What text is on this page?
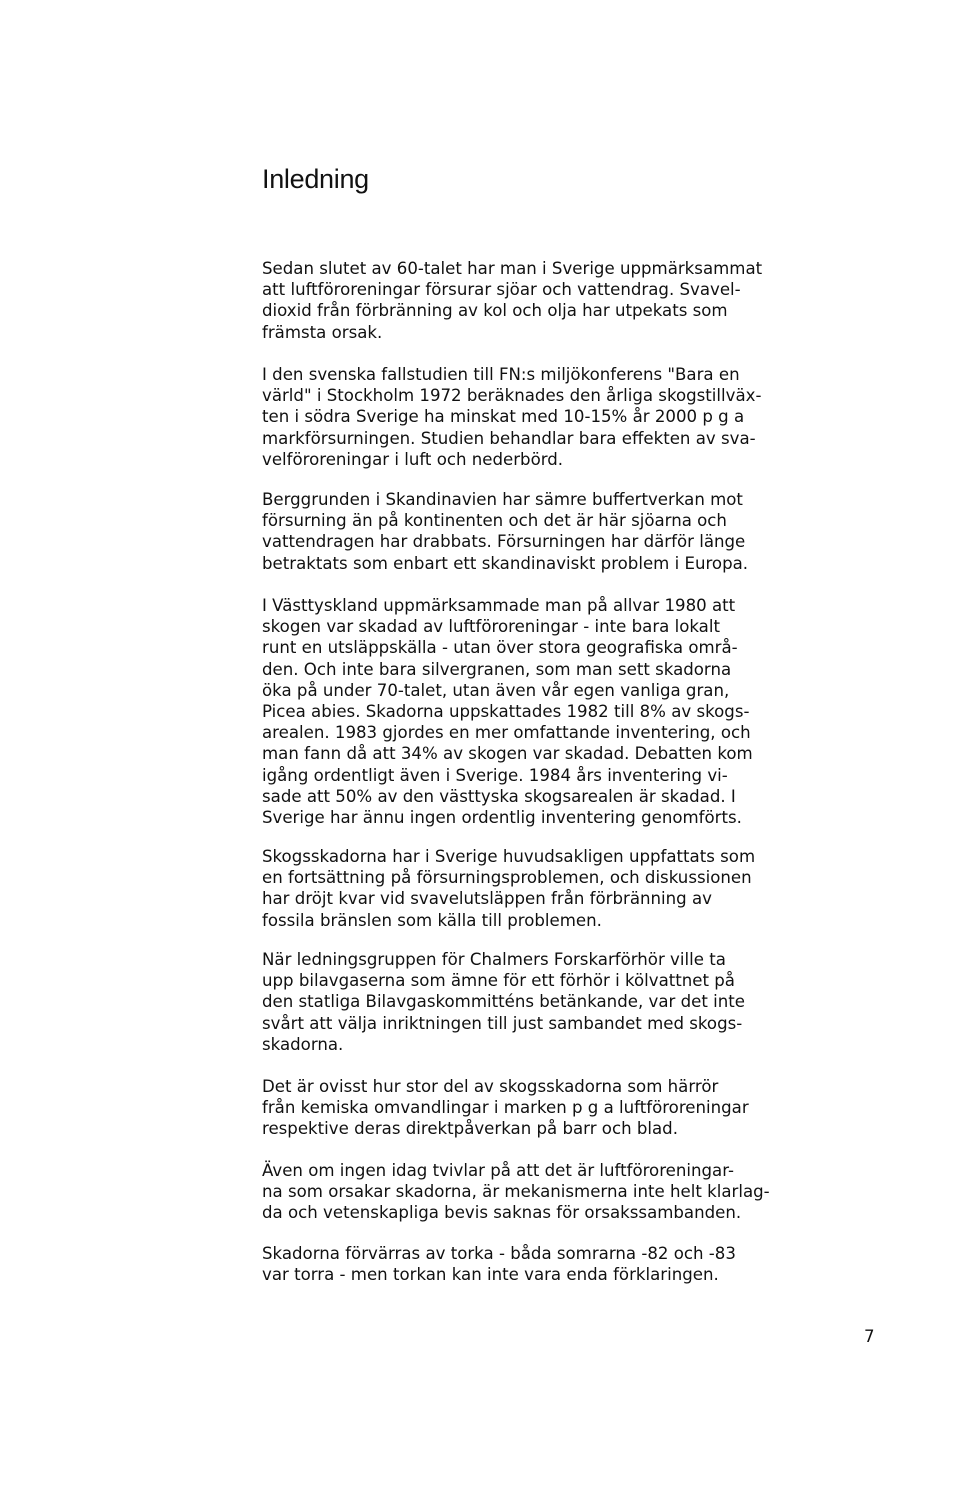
Inledning

Sedan slutet av 60-talet har man i Sverige uppmärksammat
att luftföroreningar försurar sjöar och vattendrag. Svavel-
dioxid från förbränning av kol och olja har utpekats som
främsta orsak.

I den svenska fallstudien till FN:s miljökonferens "Bara en
värld" i Stockholm 1972 beräknades den årliga skogstillväx-
ten i södra Sverige ha minskat med 10-15% år 2000 p g a
markförsurningen. Studien behandlar bara effekten av sva-
velföroreningar i luft och nederbörd.

Berggrunden i Skandinavien har sämre buffertverkan mot
försurning än på kontinenten och det är här sjöarna och
vattendragen har drabbats. Försurningen har därför länge
betraktats som enbart ett skandinaviskt problem i Europa.

I Västtyskland uppmärksammade man på allvar 1980 att
skogen var skadad av luftföroreningar - inte bara lokalt
runt en utsläppskälla - utan över stora geografiska områ-
den. Och inte bara silvergranen, som man sett skadorna
öka på under 70-talet, utan även vår egen vanliga gran,
Picea abies. Skadorna uppskattades 1982 till 8% av skogs-
arealen. 1983 gjordes en mer omfattande inventering, och
man fann då att 34% av skogen var skadad. Debatten kom
igång ordentligt även i Sverige. 1984 års inventering vi-
sade att 50% av den västtyska skogsarealen är skadad. I
Sverige har ännu ingen ordentlig inventering genomförts.

Skogsskadorna har i Sverige huvudsakligen uppfattats som
en fortsättning på försurningsproblemen, och diskussionen
har dröjt kvar vid svavelutsläppen från förbränning av
fossila bränslen som källa till problemen.

När ledningsgruppen för Chalmers Forskarförhör ville ta
upp bilavgaserna som ämne för ett förhör i kölvattnet på
den statliga Bilavgaskommitténs betänkande, var det inte
svårt att välja inriktningen till just sambandet med skogs-
skadorna.

Det är ovisst hur stor del av skogsskadorna som härrör
från kemiska omvandlingar i marken p g a luftföroreningar
respektive deras direktpåverkan på barr och blad.

Även om ingen idag tvivlar på att det är luftföroreningar-
na som orsakar skadorna, är mekanismerna inte helt klarlag-
da och vetenskapliga bevis saknas för orsakssambanden.

Skadorna förvärras av torka - båda somrarna -82 och -83
var torra - men torkan kan inte vara enda förklaringen.

7
